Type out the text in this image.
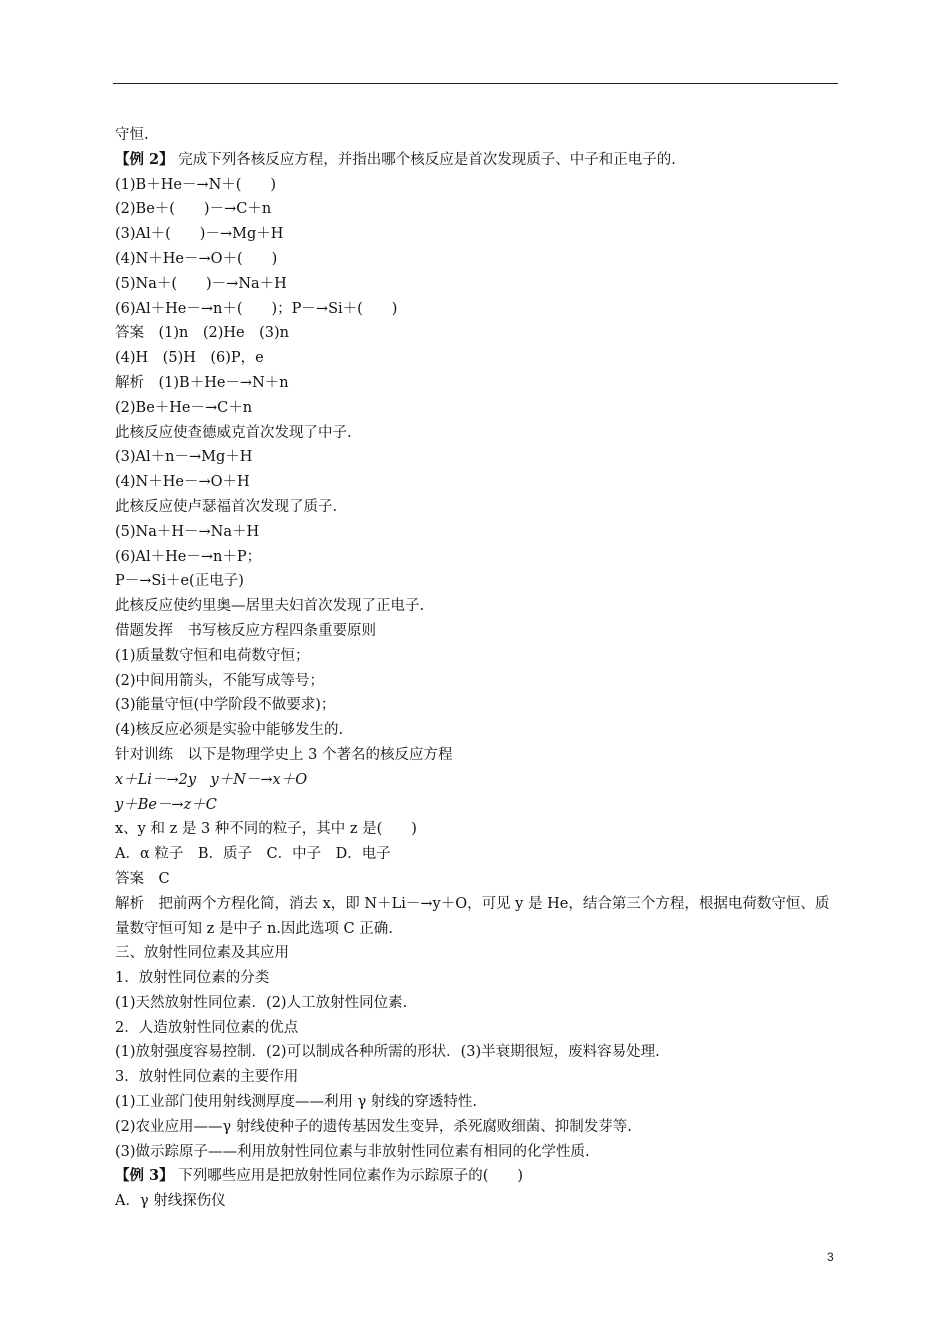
守恒.
【例 2】 完成下列各核反应方程，并指出哪个核反应是首次发现质子、中子和正电子的.
(1)B＋He－→N＋(　　)
(2)Be＋(　　)－→C＋n
(3)Al＋(　　)－→Mg＋H
(4)N＋He－→O＋(　　)
(5)Na＋(　　)－→Na＋H
(6)Al＋He－→n＋(　　)；P－→Si＋(　　)
答案　(1)n　(2)He　(3)n
(4)H　(5)H　(6)P，e
解析　(1)B＋He－→N＋n
(2)Be＋He－→C＋n
此核反应使查德威克首次发现了中子.
(3)Al＋n－→Mg＋H
(4)N＋He－→O＋H
此核反应使卢瑟福首次发现了质子.
(5)Na＋H－→Na＋H
(6)Al＋He－→n＋P；
P－→Si＋e(正电子)
此核反应使约里奥—居里夫妇首次发现了正电子.
借题发挥　书写核反应方程四条重要原则
(1)质量数守恒和电荷数守恒；
(2)中间用箭头，不能写成等号；
(3)能量守恒(中学阶段不做要求)；
(4)核反应必须是实验中能够发生的.
针对训练　以下是物理学史上 3 个著名的核反应方程
x＋Li－→2y　y＋N－→x＋O
y＋Be－→z＋C
x、y 和 z 是 3 种不同的粒子，其中 z 是(　　)
A．α 粒子　B．质子　C．中子　D．电子
答案　C
解析　把前两个方程化简，消去 x，即 N＋Li－→y＋O，可见 y 是 He，结合第三个方程，根据电荷数守恒、质量数守恒可知 z 是中子 n.因此选项 C 正确.
三、放射性同位素及其应用
1．放射性同位素的分类
(1)天然放射性同位素．(2)人工放射性同位素.
2．人造放射性同位素的优点
(1)放射强度容易控制．(2)可以制成各种所需的形状．(3)半衰期很短，废料容易处理.
3．放射性同位素的主要作用
(1)工业部门使用射线测厚度——利用 γ 射线的穿透特性.
(2)农业应用——γ 射线使种子的遗传基因发生变异，杀死腐败细菌、抑制发芽等.
(3)做示踪原子——利用放射性同位素与非放射性同位素有相同的化学性质.
【例 3】 下列哪些应用是把放射性同位素作为示踪原子的(　　)
A．γ 射线探伤仪
3
